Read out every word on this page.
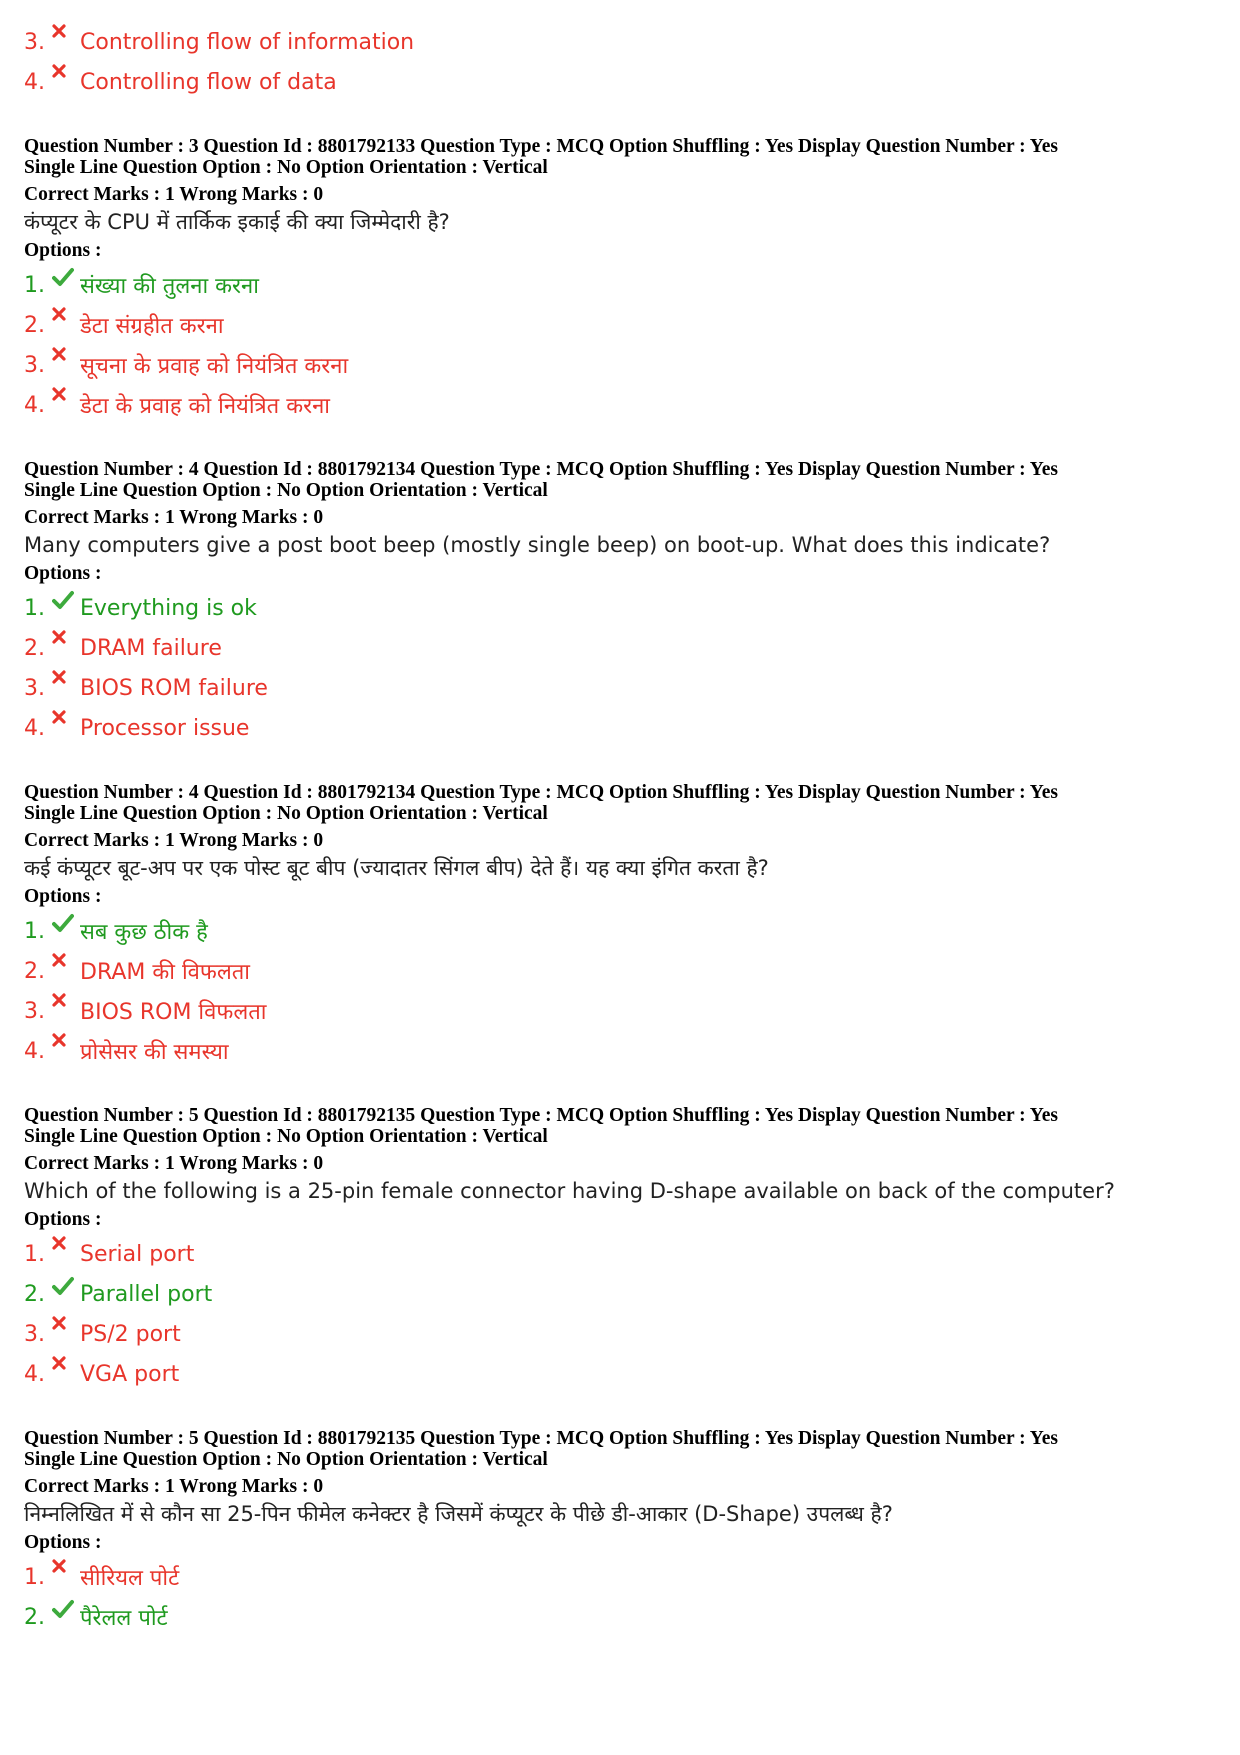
3.	Controlling flow of information
4.	Controlling flow of data
Question Number : 3 Question Id : 8801792133 Question Type : MCQ Option Shuffling : Yes Display Question Number : Yes
Single Line Question Option : No Option Orientation : Vertical
Correct Marks : 1 Wrong Marks : 0
कंप्यूटर के CPU में तार्किक इकाई की क्या जिम्मेदारी है?
Options :
1.	संख्या की तुलना करना
2.	डेटा संग्रहीत करना
3.	सूचना के प्रवाह को नियंत्रित करना
4.	डेटा के प्रवाह को नियंत्रित करना
Question Number : 4 Question Id : 8801792134 Question Type : MCQ Option Shuffling : Yes Display Question Number : Yes
Single Line Question Option : No Option Orientation : Vertical
Correct Marks : 1 Wrong Marks : 0
Many computers give a post boot beep (mostly single beep) on boot-up. What does this indicate?
Options :
1.	Everything is ok
2.	DRAM failure
3.	BIOS ROM failure
4.	Processor issue
Question Number : 4 Question Id : 8801792134 Question Type : MCQ Option Shuffling : Yes Display Question Number : Yes
Single Line Question Option : No Option Orientation : Vertical
Correct Marks : 1 Wrong Marks : 0
कई कंप्यूटर बूट-अप पर एक पोस्ट बूट बीप (ज्यादातर सिंगल बीप) देते हैं। यह क्या इंगित करता है?
Options :
1.	सब कुछ ठीक है
2.	DRAM की विफलता
3.	BIOS ROM विफलता
4.	प्रोसेसर की समस्या
Question Number : 5 Question Id : 8801792135 Question Type : MCQ Option Shuffling : Yes Display Question Number : Yes
Single Line Question Option : No Option Orientation : Vertical
Correct Marks : 1 Wrong Marks : 0
Which of the following is a 25-pin female connector having D-shape available on back of the computer?
Options :
1.	Serial port
2.	Parallel port
3.	PS/2 port
4.	VGA port
Question Number : 5 Question Id : 8801792135 Question Type : MCQ Option Shuffling : Yes Display Question Number : Yes
Single Line Question Option : No Option Orientation : Vertical
Correct Marks : 1 Wrong Marks : 0
निम्नलिखित में से कौन सा 25-पिन फीमेल कनेक्टर है जिसमें कंप्यूटर के पीछे डी-आकार (D-Shape) उपलब्ध है?
Options :
1.	सीरियल पोर्ट
2.	पैरेलल पोर्ट
